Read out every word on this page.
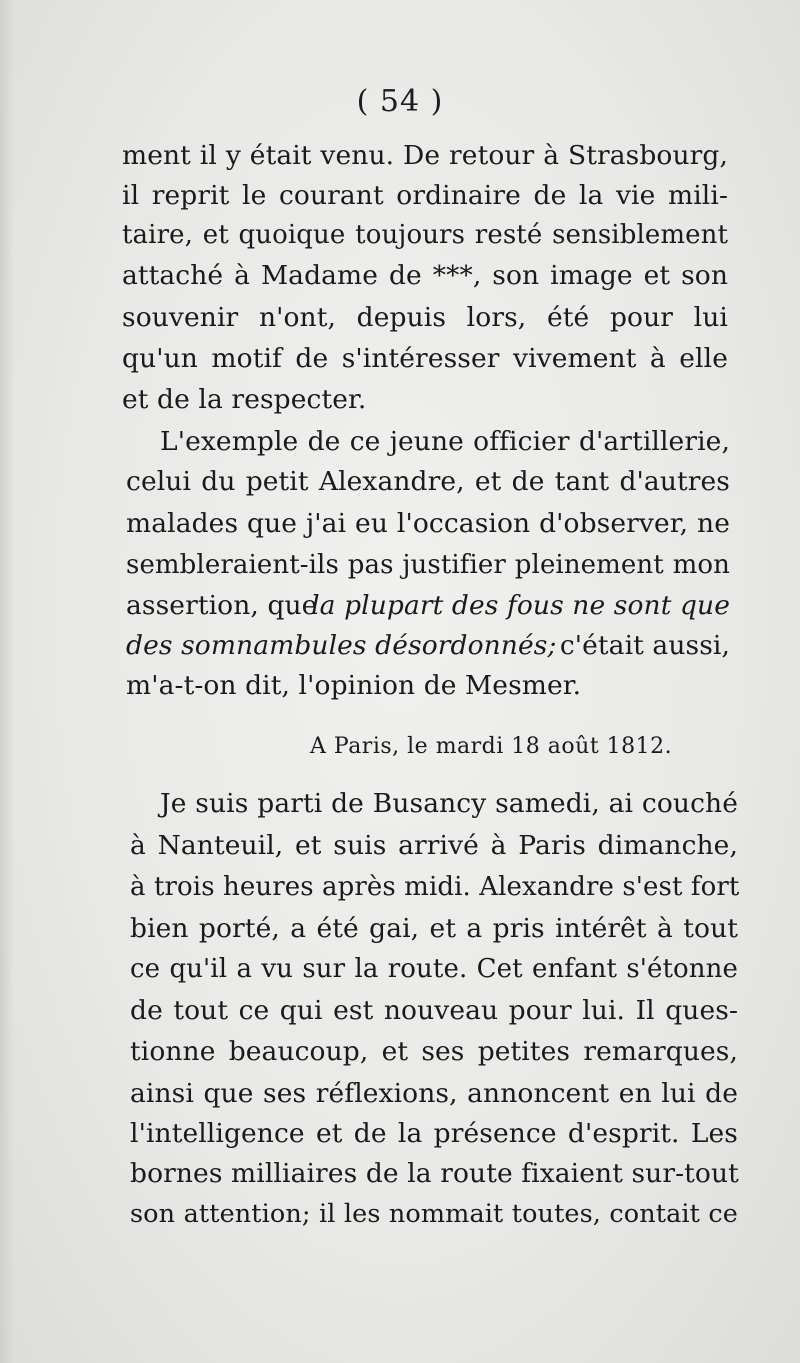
( 54 )
ment il y était venu. De retour à Strasbourg,
il reprit le courant ordinaire de la vie mili-
taire, et quoique toujours resté sensiblement
attaché à Madame de ***, son image et son
souvenir n'ont, depuis lors, été pour lui
qu'un motif de s'intéresser vivement à elle
et de la respecter.
L'exemple de ce jeune officier d'artillerie,
celui du petit Alexandre, et de tant d'autres
malades que j'ai eu l'occasion d'observer, ne
sembleraient-ils pas justifier pleinement mon
assertion, que
la plupart des fous ne sont que
des somnambules désordonnés; c'était aussi,
m'a-t-on dit, l'opinion de Mesmer.
A Paris, le mardi 18 août 1812.
Je suis parti de Busancy samedi, ai couché
à Nanteuil, et suis arrivé à Paris dimanche,
à trois heures après midi. Alexandre s'est fort
bien porté, a été gai, et a pris intérêt à tout
ce qu'il a vu sur la route. Cet enfant s'étonne
de tout ce qui est nouveau pour lui. Il ques-
tionne beaucoup, et ses petites remarques,
ainsi que ses réflexions, annoncent en lui de
l'intelligence et de la présence d'esprit. Les
bornes milliaires de la route fixaient sur-tout
son attention; il les nommait toutes, contait ce
